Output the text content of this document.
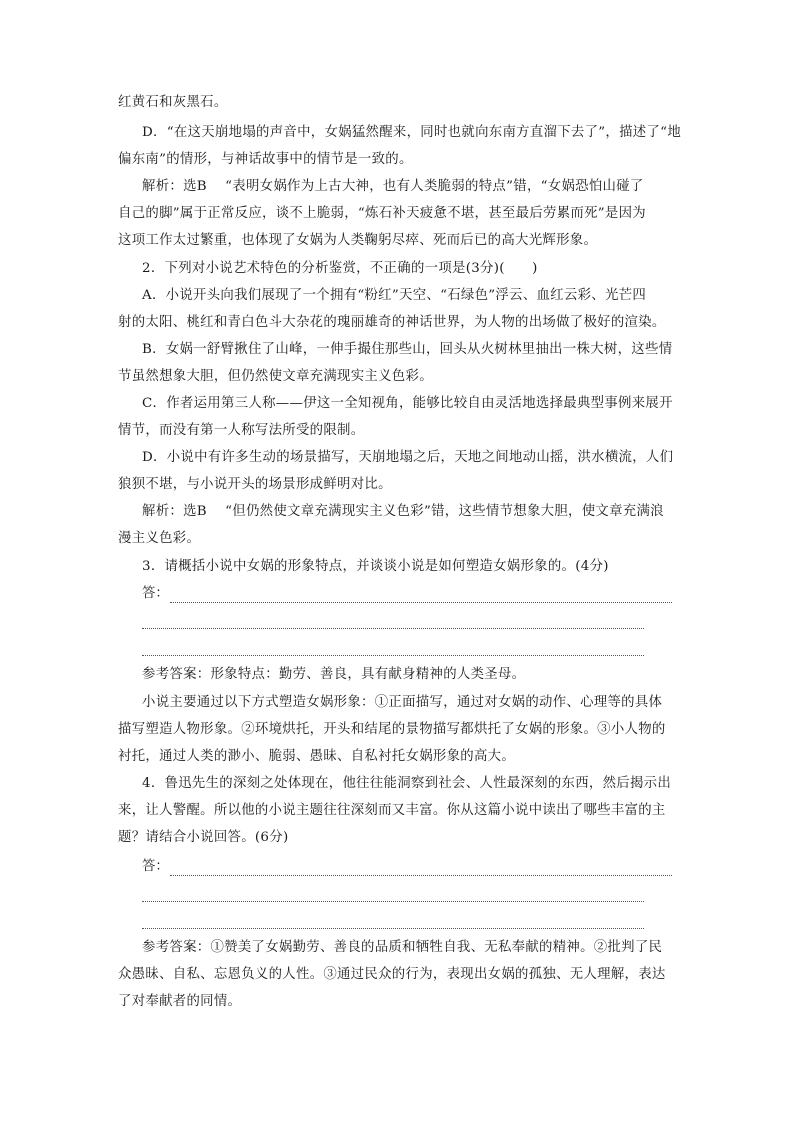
红黄石和灰黑石。
D．“在这天崩地塌的声音中，女娲猛然醒来，同时也就向东南方直溜下去了”，描述了“地
偏东南”的情形，与神话故事中的情节是一致的。
解析：选B　 “表明女娲作为上古大神，也有人类脆弱的特点”错，“女娲恐怕山碰了
自己的脚”属于正常反应，谈不上脆弱，“炼石补天疲惫不堪，甚至最后劳累而死”是因为
这项工作太过繁重，也体现了女娲为人类鞠躬尽瘁、死而后已的高大光辉形象。
2．下列对小说艺术特色的分析鉴赏，不正确的一项是(3分)(　　)
A．小说开头向我们展现了一个拥有“粉红”天空、“石绿色”浮云、血红云彩、光芒四
射的太阳、桃红和青白色斗大杂花的瑰丽雄奇的神话世界，为人物的出场做了极好的渲染。
B．女娲一舒臂揪住了山峰，一伸手撮住那些山，回头从火树林里抽出一株大树，这些情
节虽然想象大胆，但仍然使文章充满现实主义色彩。
C．作者运用第三人称——伊这一全知视角，能够比较自由灵活地选择最典型事例来展开
情节，而没有第一人称写法所受的限制。
D．小说中有许多生动的场景描写，天崩地塌之后，天地之间地动山摇，洪水横流，人们
狼狈不堪，与小说开头的场景形成鲜明对比。
解析：选B　 “但仍然使文章充满现实主义色彩”错，这些情节想象大胆，使文章充满浪
漫主义色彩。
3．请概括小说中女娲的形象特点，并谈谈小说是如何塑造女娲形象的。(4分)
答：
参考答案：形象特点：勤劳、善良，具有献身精神的人类圣母。
小说主要通过以下方式塑造女娲形象：①正面描写，通过对女娲的动作、心理等的具体
描写塑造人物形象。②环境烘托，开头和结尾的景物描写都烘托了女娲的形象。③小人物的
衬托，通过人类的渺小、脆弱、愚昧、自私衬托女娲形象的高大。
4．鲁迅先生的深刻之处体现在，他往往能洞察到社会、人性最深刻的东西，然后揭示出
来，让人警醒。所以他的小说主题往往深刻而又丰富。你从这篇小说中读出了哪些丰富的主
题？请结合小说回答。(6分)
答：
参考答案：①赞美了女娲勤劳、善良的品质和牺牲自我、无私奉献的精神。②批判了民
众愚昧、自私、忘恩负义的人性。③通过民众的行为，表现出女娲的孤独、无人理解，表达
了对奉献者的同情。
